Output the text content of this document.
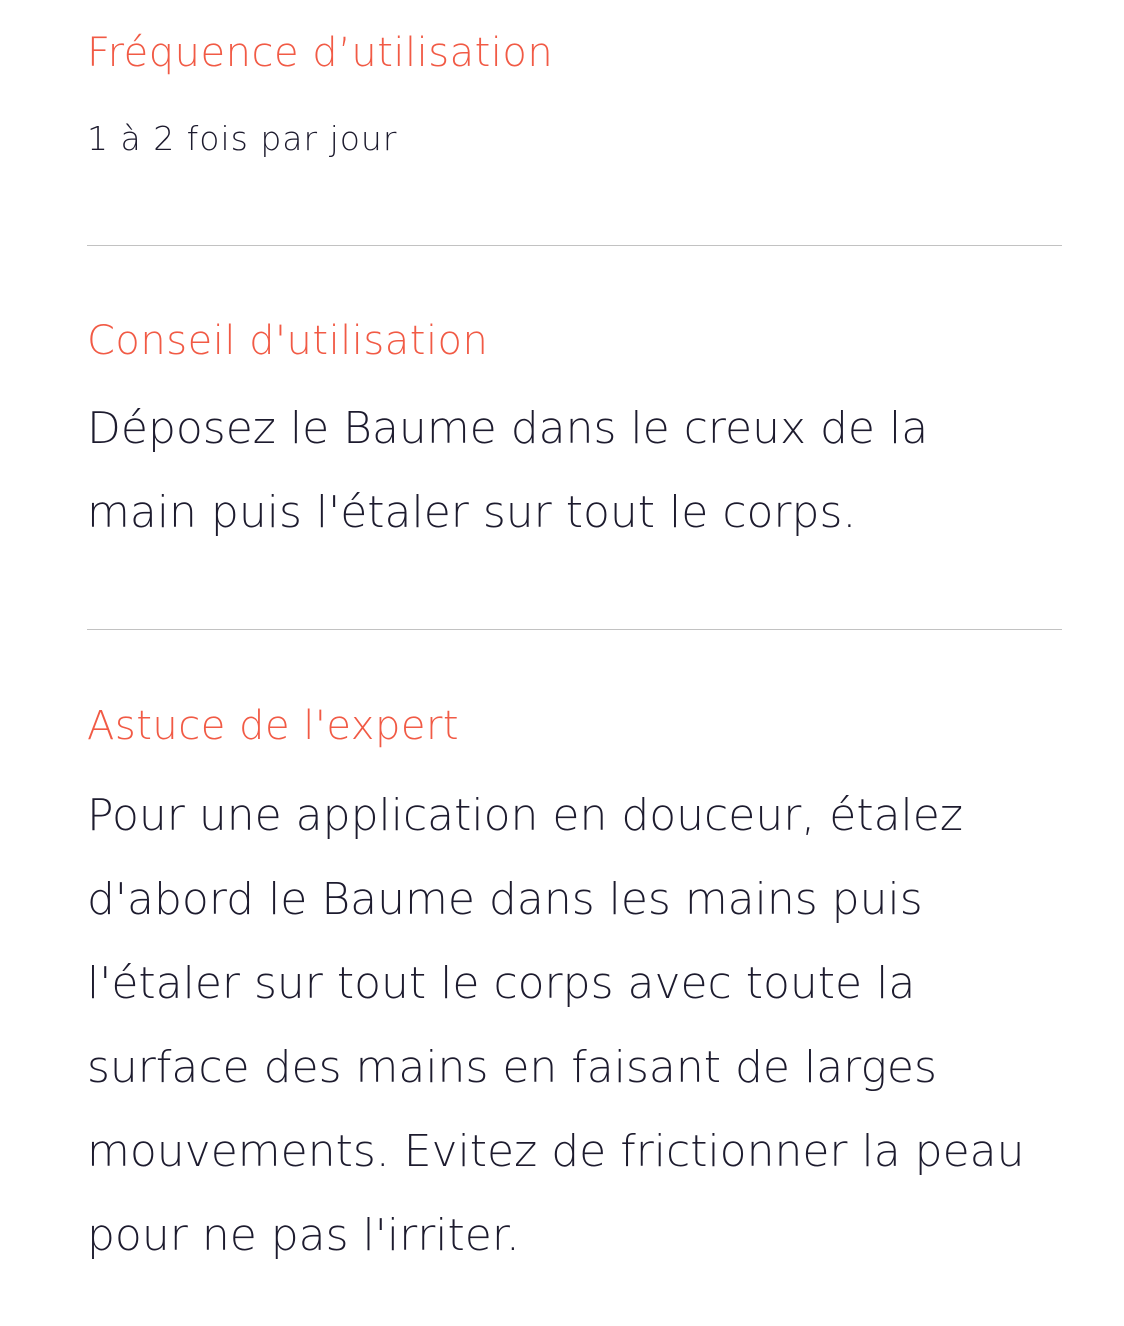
Fréquence d’utilisation

1 à 2 fois par jour

Conseil d'utilisation

Déposez le Baume dans le creux de la
main puis l'étaler sur tout le corps.

Astuce de l'expert

Pour une application en douceur, étalez
d'abord le Baume dans les mains puis
l'étaler sur tout le corps avec toute la
surface des mains en faisant de larges
mouvements. Evitez de frictionner la peau
pour ne pas l'irriter.
